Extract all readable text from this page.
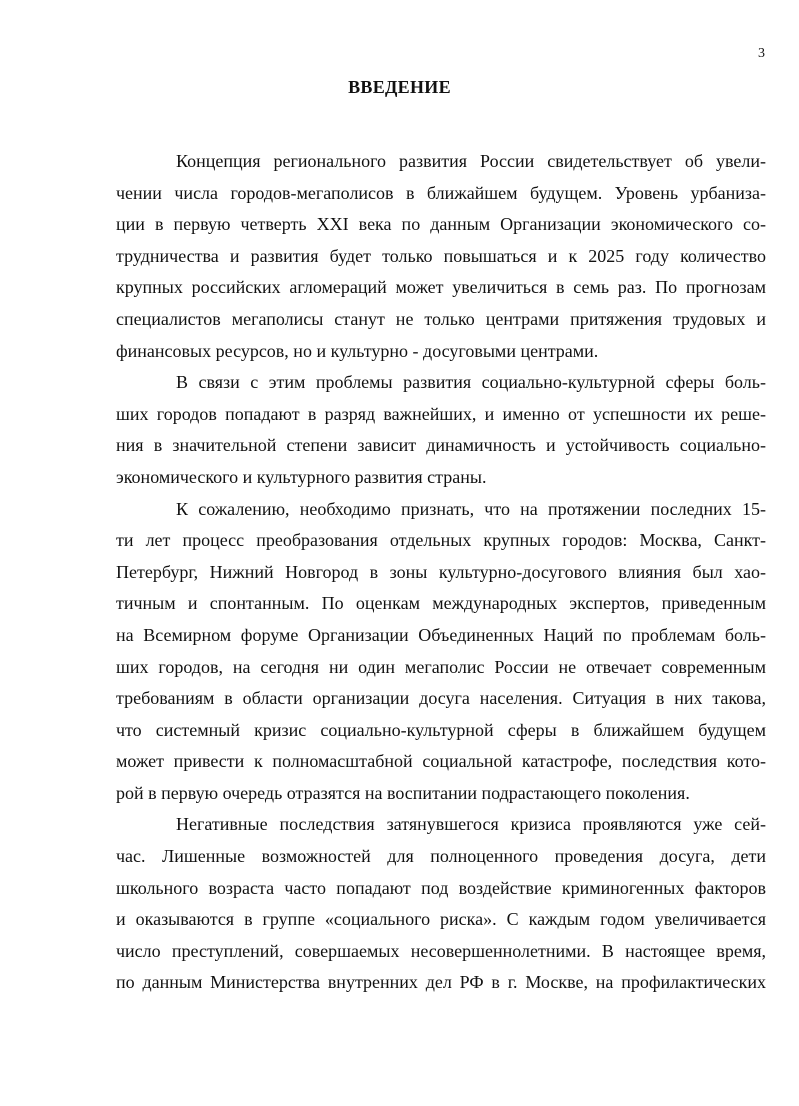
3
ВВЕДЕНИЕ
Концепция регионального развития России свидетельствует об увели-
чении числа городов-мегаполисов в ближайшем будущем. Уровень урбаниза-
ции в первую четверть XXI века по данным Организации экономического со-
трудничества и развития будет только повышаться и к 2025 году количество
крупных российских агломераций может увеличиться в семь раз. По прогнозам
специалистов мегаполисы станут не только центрами притяжения трудовых и
финансовых ресурсов, но и культурно - досуговыми центрами.
В связи с этим проблемы развития социально-культурной сферы боль-
ших городов попадают в разряд важнейших, и именно от успешности их реше-
ния в значительной степени зависит динамичность и устойчивость социально-
экономического и культурного развития страны.
К сожалению, необходимо признать, что на протяжении последних 15-
ти лет процесс преобразования отдельных крупных городов: Москва, Санкт-
Петербург, Нижний Новгород в зоны культурно-досугового влияния был хао-
тичным и спонтанным. По оценкам международных экспертов, приведенным
на Всемирном форуме Организации Объединенных Наций по проблемам боль-
ших городов, на сегодня ни один мегаполис России не отвечает современным
требованиям в области организации досуга населения. Ситуация в них такова,
что системный кризис социально-культурной сферы в ближайшем будущем
может привести к полномасштабной социальной катастрофе, последствия кото-
рой в первую очередь отразятся на воспитании подрастающего поколения.
Негативные последствия затянувшегося кризиса проявляются уже сей-
час. Лишенные возможностей для полноценного проведения досуга, дети
школьного возраста часто попадают под воздействие криминогенных факторов
и оказываются в группе «социального риска». С каждым годом увеличивается
число преступлений, совершаемых несовершеннолетними. В настоящее время,
по данным Министерства внутренних дел РФ в г. Москве, на профилактических
